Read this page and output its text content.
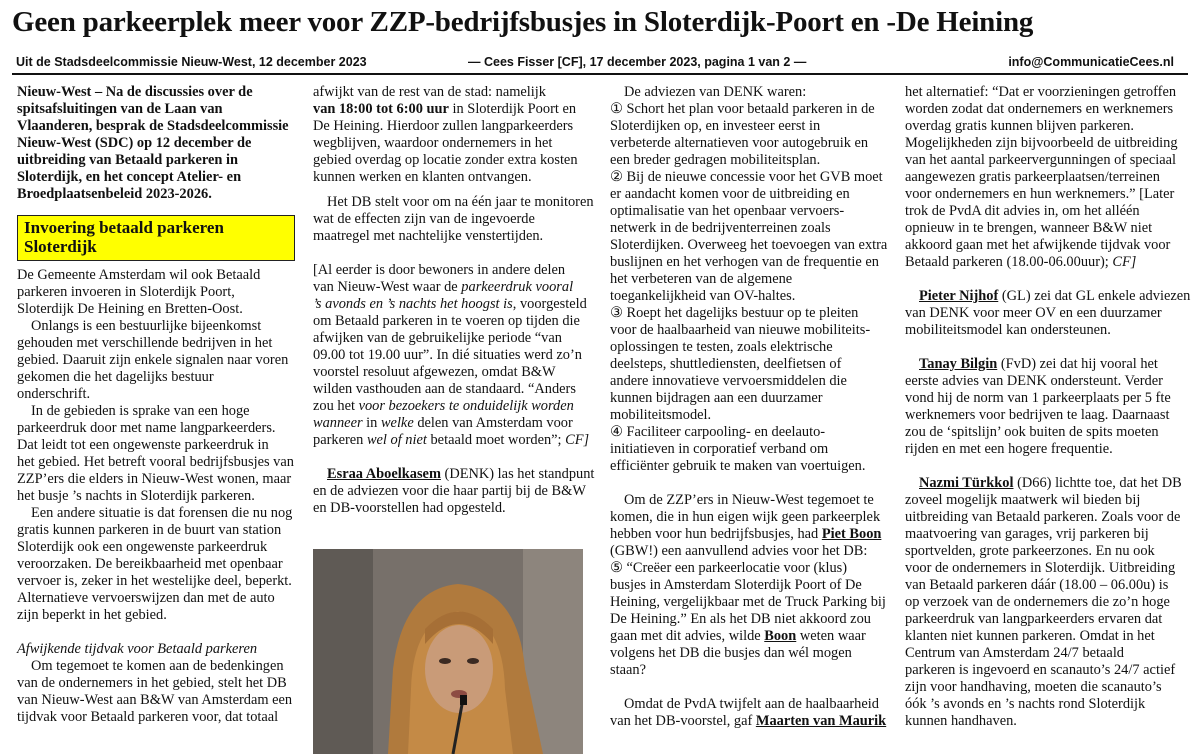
Geen parkeerplek meer voor ZZP-bedrijfsbusjes in Sloterdijk-Poort en -De Heining
Uit de Stadsdeelcommissie Nieuw-West, 12 december 2023	— Cees Fisser [CF], 17 december 2023, pagina 1 van 2 —	info@CommunicatieCees.nl

Nieuw-West – Na de discussies over de

spitsafsluitingen van de Laan van

Vlaanderen, besprak de Stadsdeelcommissie

Nieuw-West (SDC) op 12 december de

uitbreiding van Betaald parkeren in

Sloterdijk, en het concept Atelier- en

Broedplaatsenbeleid 2023-2026.

Invoering betaald parkeren

Sloterdijk

De Gemeente Amsterdam wil ook Betaald

parkeren invoeren in Sloterdijk Poort,

Sloterdijk De Heining en Bretten-Oost.

Onlangs is een bestuurlijke bijeenkomst

gehouden met verschillende bedrijven in het

gebied. Daaruit zijn enkele signalen naar voren

gekomen die het dagelijks bestuur

onderschrift.

In de gebieden is sprake van een hoge

parkeerdruk door met name langparkeerders.

Dat leidt tot een ongewenste parkeerdruk in

het gebied. Het betreft vooral bedrijfsbusjes van

ZZP’ers die elders in Nieuw-West wonen, maar

het busje ’s nachts in Sloterdijk parkeren.

Een andere situatie is dat forensen die nu nog

gratis kunnen parkeren in de buurt van station

Sloterdijk ook een ongewenste parkeerdruk

veroorzaken. De bereikbaarheid met openbaar

vervoer is, zeker in het westelijke deel, beperkt.

Alternatieve vervoerswijzen dan met de auto

zijn beperkt in het gebied.

Afwijkende tijdvak voor Betaald parkeren

Om tegemoet te komen aan de bedenkingen

van de ondernemers in het gebied, stelt het DB

van Nieuw-West aan B&W van Amsterdam een

tijdvak voor Betaald parkeren voor, dat totaal

afwijkt van de rest van de stad: namelijk

van 18:00 tot 6:00 uur in Sloterdijk Poort en

De Heining. Hierdoor zullen langparkeerders

wegblijven, waardoor ondernemers in het

gebied overdag op locatie zonder extra kosten

kunnen werken en klanten ontvangen.

Het DB stelt voor om na één jaar te monitoren

wat de effecten zijn van de ingevoerde

maatregel met nachtelijke venstertijden.

[Al eerder is door bewoners in andere delen

van Nieuw-West waar de parkeerdruk vooral

’s avonds en ’s nachts het hoogst is, voorgesteld

om Betaald parkeren in te voeren op tijden die

afwijken van de gebruikelijke periode “van

09.00 tot 19.00 uur”. In dié situaties werd zo’n

voorstel resoluut afgewezen, omdat B&W

wilden vasthouden aan de standaard. “Anders

zou het voor bezoekers te onduidelijk worden

wanneer in welke delen van Amsterdam voor

parkeren wel of niet betaald moet worden”; CF]

Esraa Aboelkasem (DENK) las het standpunt

en de adviezen voor die haar partij bij de B&W

en DB-voorstellen had opgesteld.

De adviezen van DENK waren:

① Schort het plan voor betaald parkeren in de

Sloterdijken op, en investeer eerst in

verbeterde alternatieven voor autogebruik en

een breder gedragen mobiliteitsplan.

② Bij de nieuwe concessie voor het GVB moet

er aandacht komen voor de uitbreiding en

optimalisatie van het openbaar vervoers-

netwerk in de bedrijventerreinen zoals

Sloterdijken. Overweeg het toevoegen van extra

buslijnen en het verhogen van de frequentie en

het verbeteren van de algemene

toegankelijkheid van OV-haltes.

③ Roept het dagelijks bestuur op te pleiten

voor de haalbaarheid van nieuwe mobiliteits-

oplossingen te testen, zoals elektrische

deelsteps, shuttlediensten, deelfietsen of

andere innovatieve vervoersmiddelen die

kunnen bijdragen aan een duurzamer

mobiliteitsmodel.

④ Faciliteer carpooling- en deelauto-

initiatieven in corporatief verband om

efficiënter gebruik te maken van voertuigen.

Om de ZZP’ers in Nieuw-West tegemoet te

komen, die in hun eigen wijk geen parkeerplek

hebben voor hun bedrijfsbusjes, had Piet Boon

(GBW!) een aanvullend advies voor het DB:

⑤ “Creëer een parkeerlocatie voor (klus)

busjes in Amsterdam Sloterdijk Poort of De

Heining, vergelijkbaar met de Truck Parking bij

De Heining.” En als het DB niet akkoord zou

gaan met dit advies, wilde Boon weten waar

volgens het DB die busjes dan wél mogen

staan?

Omdat de PvdA twijfelt aan de haalbaarheid

van het DB-voorstel, gaf Maarten van Maurik

het alternatief: “Dat er voorzieningen getroffen

worden zodat dat ondernemers en werknemers

overdag gratis kunnen blijven parkeren.

Mogelijkheden zijn bijvoorbeeld de uitbreiding

van het aantal parkeervergunningen of speciaal

aangewezen gratis parkeerplaatsen/terreinen

voor ondernemers en hun werknemers.” [Later

trok de PvdA dit advies in, om het alléén

opnieuw in te brengen, wanneer B&W niet

akkoord gaan met het afwijkende tijdvak voor

Betaald parkeren (18.00-06.00uur); CF]

Pieter Nijhof (GL) zei dat GL enkele adviezen

van DENK voor meer OV en een duurzamer

mobiliteitsmodel kan ondersteunen.

Tanay Bilgin (FvD) zei dat hij vooral het

eerste advies van DENK ondersteunt. Verder

vond hij de norm van 1 parkeerplaats per 5 fte

werknemers voor bedrijven te laag. Daarnaast

zou de ‘spitslijn’ ook buiten de spits moeten

rijden en met een hogere frequentie.

Nazmi Türkkol (D66) lichtte toe, dat het DB

zoveel mogelijk maatwerk wil bieden bij

uitbreiding van Betaald parkeren. Zoals voor de

maatvoering van garages, vrij parkeren bij

sportvelden, grote parkeerzones. En nu ook

voor de ondernemers in Sloterdijk. Uitbreiding

van Betaald parkeren dáár (18.00 – 06.00u) is

op verzoek van de ondernemers die zo’n hoge

parkeerdruk van langparkeerders ervaren dat

klanten niet kunnen parkeren. Omdat in het

Centrum van Amsterdam 24/7 betaald

parkeren is ingevoerd en scanauto’s 24/7 actief

zijn voor handhaving, moeten die scanauto’s

óók ’s avonds en ’s nachts rond Sloterdijk

kunnen handhaven.
